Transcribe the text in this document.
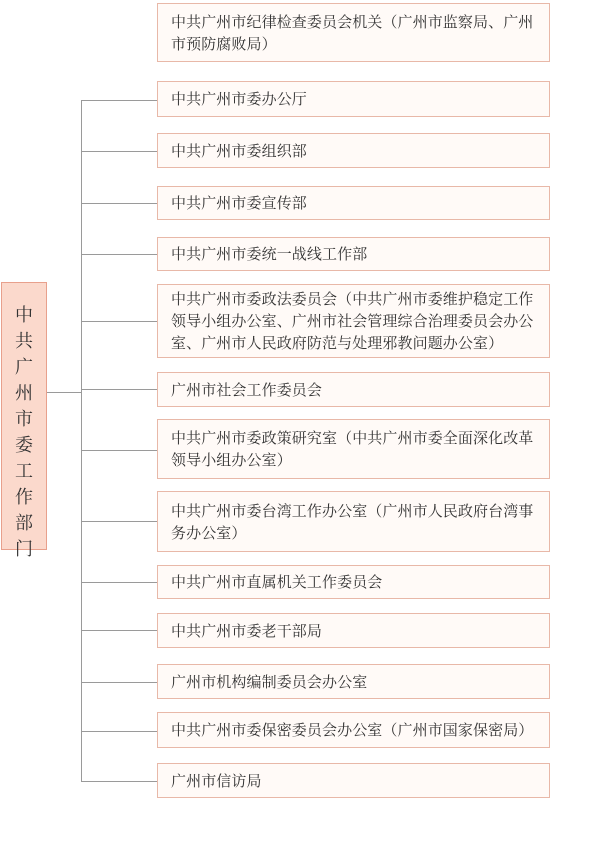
中
共
广
州
市
委
工
作
部
门
中共广州市纪律检查委员会机关（广州市监察局、广州市预防腐败局）
中共广州市委办公厅
中共广州市委组织部
中共广州市委宣传部
中共广州市委统一战线工作部
中共广州市委政法委员会（中共广州市委维护稳定工作领导小组办公室、广州市社会管理综合治理委员会办公室、广州市人民政府防范与处理邪教问题办公室）
广州市社会工作委员会
中共广州市委政策研究室（中共广州市委全面深化改革领导小组办公室）
中共广州市委台湾工作办公室（广州市人民政府台湾事务办公室）
中共广州市直属机关工作委员会
中共广州市委老干部局
广州市机构编制委员会办公室
中共广州市委保密委员会办公室（广州市国家保密局）
广州市信访局
